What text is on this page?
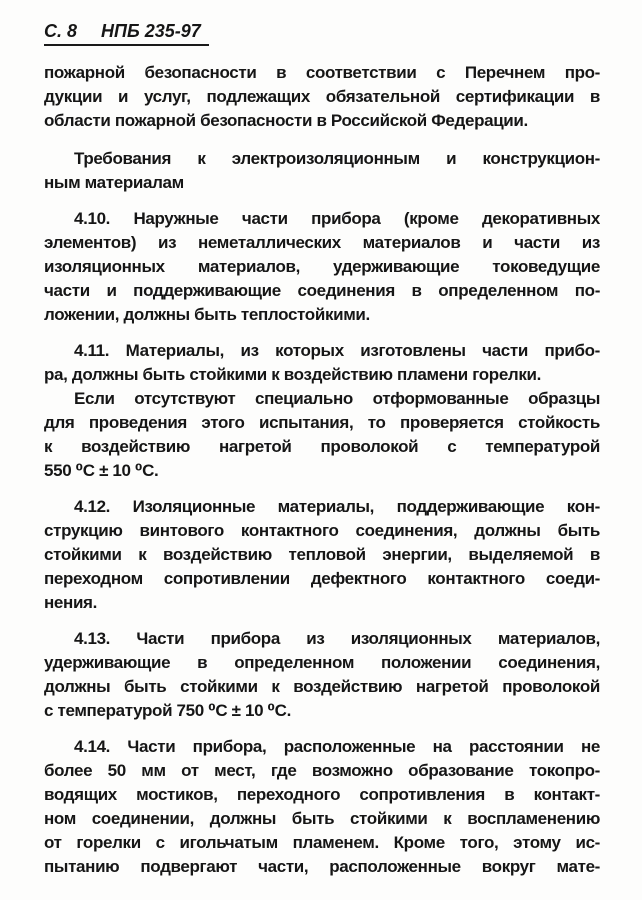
С. 8 НПБ 235-97
пожарной безопасности в соответствии с Перечнем про-
дукции и услуг, подлежащих обязательной сертификации в
области пожарной безопасности в Российской Федерации.
Требования к электроизоляционным и конструкцион-
ным материалам
4.10. Наружные части прибора (кроме декоративных
элементов) из неметаллических материалов и части из
изоляционных материалов, удерживающие токоведущие
части и поддерживающие соединения в определенном по-
ложении, должны быть теплостойкими.
4.11. Материалы, из которых изготовлены части прибо-
ра, должны быть стойкими к воздействию пламени горелки.
Если отсутствуют специально отформованные образцы
для проведения этого испытания, то проверяется стойкость
к воздействию нагретой проволокой с температурой
550 ⁰С ± 10 ⁰С.
4.12. Изоляционные материалы, поддерживающие кон-
струкцию винтового контактного соединения, должны быть
стойкими к воздействию тепловой энергии, выделяемой в
переходном сопротивлении дефектного контактного соеди-
нения.
4.13. Части прибора из изоляционных материалов,
удерживающие в определенном положении соединения,
должны быть стойкими к воздействию нагретой проволокой
с температурой 750 ⁰С ± 10 ⁰С.
4.14. Части прибора, расположенные на расстоянии не
более 50 мм от мест, где возможно образование токопро-
водящих мостиков, переходного сопротивления в контакт-
ном соединении, должны быть стойкими к воспламенению
от горелки с игольчатым пламенем. Кроме того, этому ис-
пытанию подвергают части, расположенные вокруг мате-
